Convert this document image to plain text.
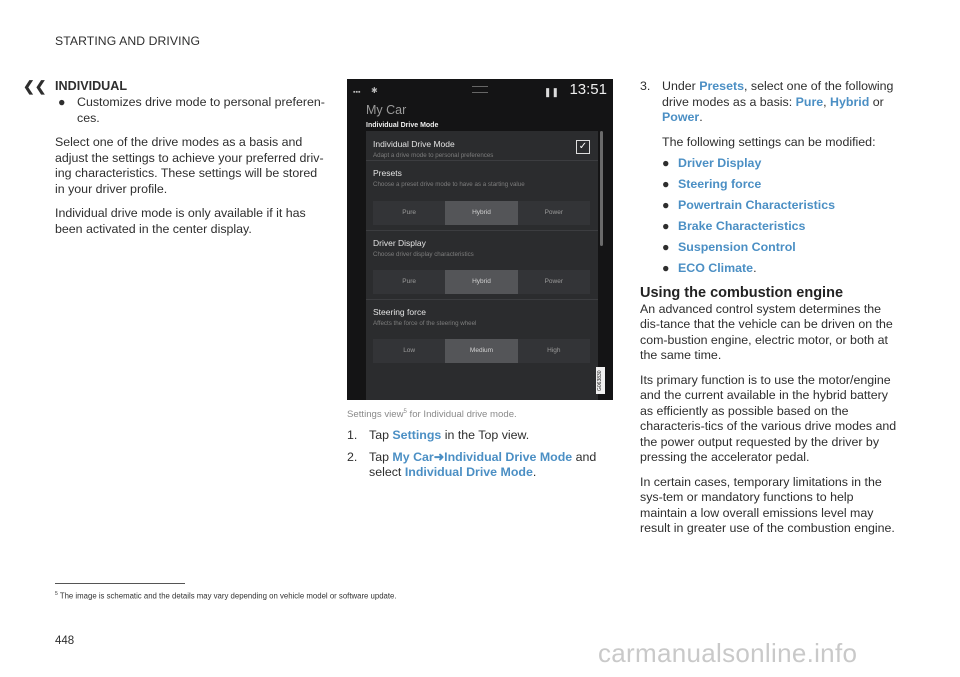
STARTING AND DRIVING
❮❮ INDIVIDUAL
● Customizes drive mode to personal preferen-ces.

Select one of the drive modes as a basis and adjust the settings to achieve your preferred driv-ing characteristics. These settings will be stored in your driver profile.

Individual drive mode is only available if it has been activated in the center display.

▪▪▪ ✱	❚❚ 13:51
My Car
Individual Drive Mode
Individual Drive Mode
Adapt a drive mode to personal preferences
✓
Presets
Choose a preset drive mode to have as a starting value
Pure	Hybrid	Power
Driver Display
Choose driver display characteristics
Pure	Hybrid	Power
Steering force
Affects the force of the steering wheel
Low	Medium	High
G063830
Settings view$^5$ for Individual drive mode.
1. Tap Settings in the Top view.
2. Tap My Car➜Individual Drive Mode and select Individual Drive Mode.
3. Under Presets, select one of the following drive modes as a basis: Pure, Hybrid or Power.

The following settings can be modified:

● Driver Display
● Steering force
● Powertrain Characteristics
● Brake Characteristics
● Suspension Control
● ECO Climate.
Using the combustion engine

An advanced control system determines the dis-tance that the vehicle can be driven on the com-bustion engine, electric motor, or both at the same time.

Its primary function is to use the motor/engine and the current available in the hybrid battery as efficiently as possible based on the characteris-tics of the various drive modes and the power output requested by the driver by pressing the accelerator pedal.

In certain cases, temporary limitations in the sys-tem or mandatory functions to help maintain a low overall emissions level may result in greater use of the combustion engine.

$^5$ The image is schematic and the details may vary depending on vehicle model or software update.
448	carmanualsonline.info
